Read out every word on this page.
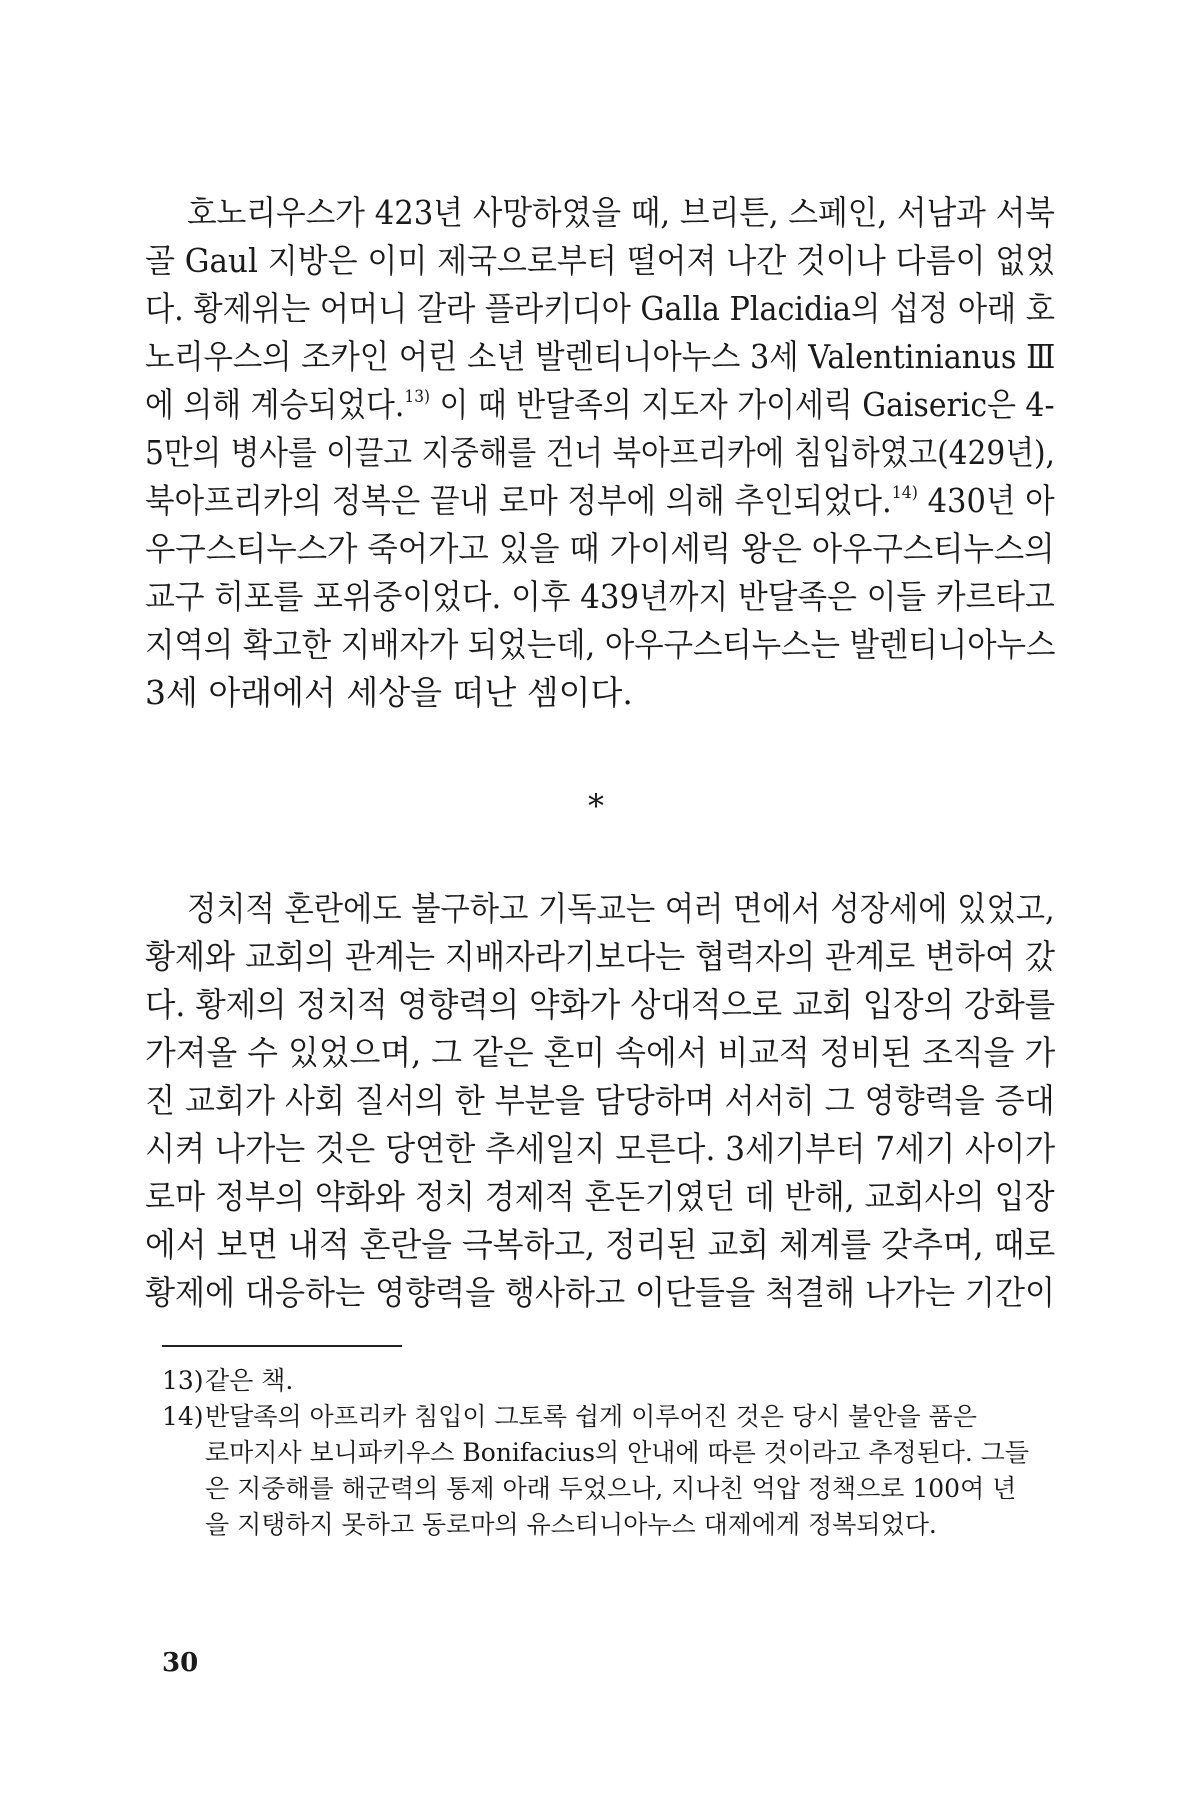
호노리우스가 423년 사망하였을 때, 브리튼, 스페인, 서남과 서북
골 Gaul 지방은 이미 제국으로부터 떨어져 나간 것이나 다름이 없었
다. 황제위는 어머니 갈라 플라키디아 Galla Placidia의 섭정 아래 호
노리우스의 조카인 어린 소년 발렌티니아누스 3세 Valentinianus Ⅲ
에 의해 계승되었다.$^{13)}$ 이 때 반달족의 지도자 가이세릭 Gaiseric은 4-
5만의 병사를 이끌고 지중해를 건너 북아프리카에 침입하였고(429년),
북아프리카의 정복은 끝내 로마 정부에 의해 추인되었다.$^{14)}$ 430년 아
우구스티누스가 죽어가고 있을 때 가이세릭 왕은 아우구스티누스의
교구 히포를 포위중이었다. 이후 439년까지 반달족은 이들 카르타고
지역의 확고한 지배자가 되었는데, 아우구스티누스는 발렌티니아누스
3세 아래에서 세상을 떠난 셈이다.
*
정치적 혼란에도 불구하고 기독교는 여러 면에서 성장세에 있었고,
황제와 교회의 관계는 지배자라기보다는 협력자의 관계로 변하여 갔
다. 황제의 정치적 영향력의 약화가 상대적으로 교회 입장의 강화를
가져올 수 있었으며, 그 같은 혼미 속에서 비교적 정비된 조직을 가
진 교회가 사회 질서의 한 부분을 담당하며 서서히 그 영향력을 증대
시켜 나가는 것은 당연한 추세일지 모른다. 3세기부터 7세기 사이가
로마 정부의 약화와 정치 경제적 혼돈기였던 데 반해, 교회사의 입장
에서 보면 내적 혼란을 극복하고, 정리된 교회 체계를 갖추며, 때로
황제에 대응하는 영향력을 행사하고 이단들을 척결해 나가는 기간이
13) 같은 책.
14) 반달족의 아프리카 침입이 그토록 쉽게 이루어진 것은 당시 불안을 품은
로마지사 보니파키우스 Bonifacius의 안내에 따른 것이라고 추정된다. 그들
은 지중해를 해군력의 통제 아래 두었으나, 지나친 억압 정책으로 100여 년
을 지탱하지 못하고 동로마의 유스티니아누스 대제에게 정복되었다.
30
